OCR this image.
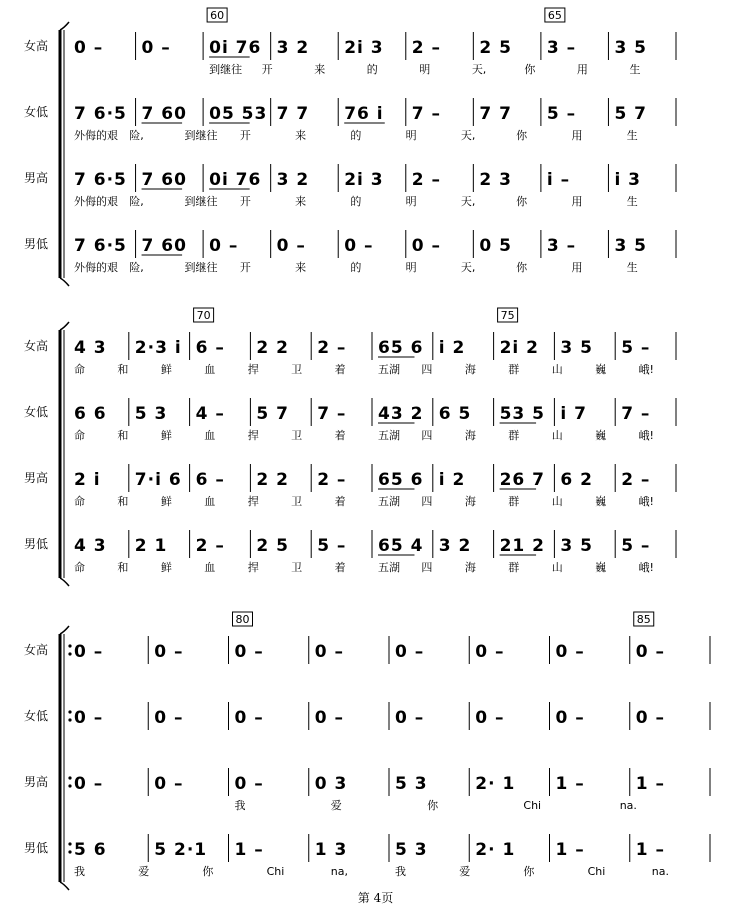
60	65
女高 0 – 0 – 0i 76 3 2 2i 3 2 – 2 5 3 – 3 5
到继往 开	来	的	明	天,	你	用	生
女低 7 6·5 7 60 05 53 7 7 76 i 7 – 7 7 5 – 5 7
外侮的艰 险,	到继往 开	来	的	明	天,	你	用	生
男高 7 6·5 7 60 0i 76 3 2 2i 3 2 – 2 3 i –	i 3
外侮的艰 险,	到继往 开	来	的	明	天,	你	用	生
男低 7 6·5 7 60 0 – 0 – 0 – 0 – 0 5 3 – 3 5
外侮的艰 险,	到继往 开	来	的	明	天,	你	用	生
70	75
女高 4 3 2·3 i 6 – 2 2 2 – 65 6 i 2 2i 2 3 5 5 –
命	和	鲜	血	捍	卫	着	五湖 四	海	群	山	巍	峨!
女低 6 6 5 3 4 – 5 7 7 – 43 2 6 5 53 5 i 7 7 –
命	和	鲜	血	捍	卫	着	五湖 四	海	群	山	巍	峨!
男高 2 i 7·i 6 6 – 2 2 2 – 65 6 i 2 26 7 6 2 2 –
命	和	鲜	血	捍	卫	着	五湖 四	海	群	山	巍	峨!
男低 4 3 2 1 2 – 2 5 5 – 65 4 3 2 21 2 3 5 5 –
命	和	鲜	血	捍	卫	着	五湖 四	海	群	山	巍	峨!
80	85
女高 0 –	0 –	0 –	0 –	0 –	0 –	0 –	0 –
女低 0 –	0 –	0 –	0 –	0 –	0 –	0 –	0 –
男高 0 –	0 –	0 –	0 3	5 3	2· 1 1 –	1 –
我	爱	你	Chi	na.
男低 5 6	5 2·1 1 –	1 3	5 3	2· 1 1 –	1 –
我	爱	你	Chi	na,	我	爱	你	Chi	na.
第 4页
